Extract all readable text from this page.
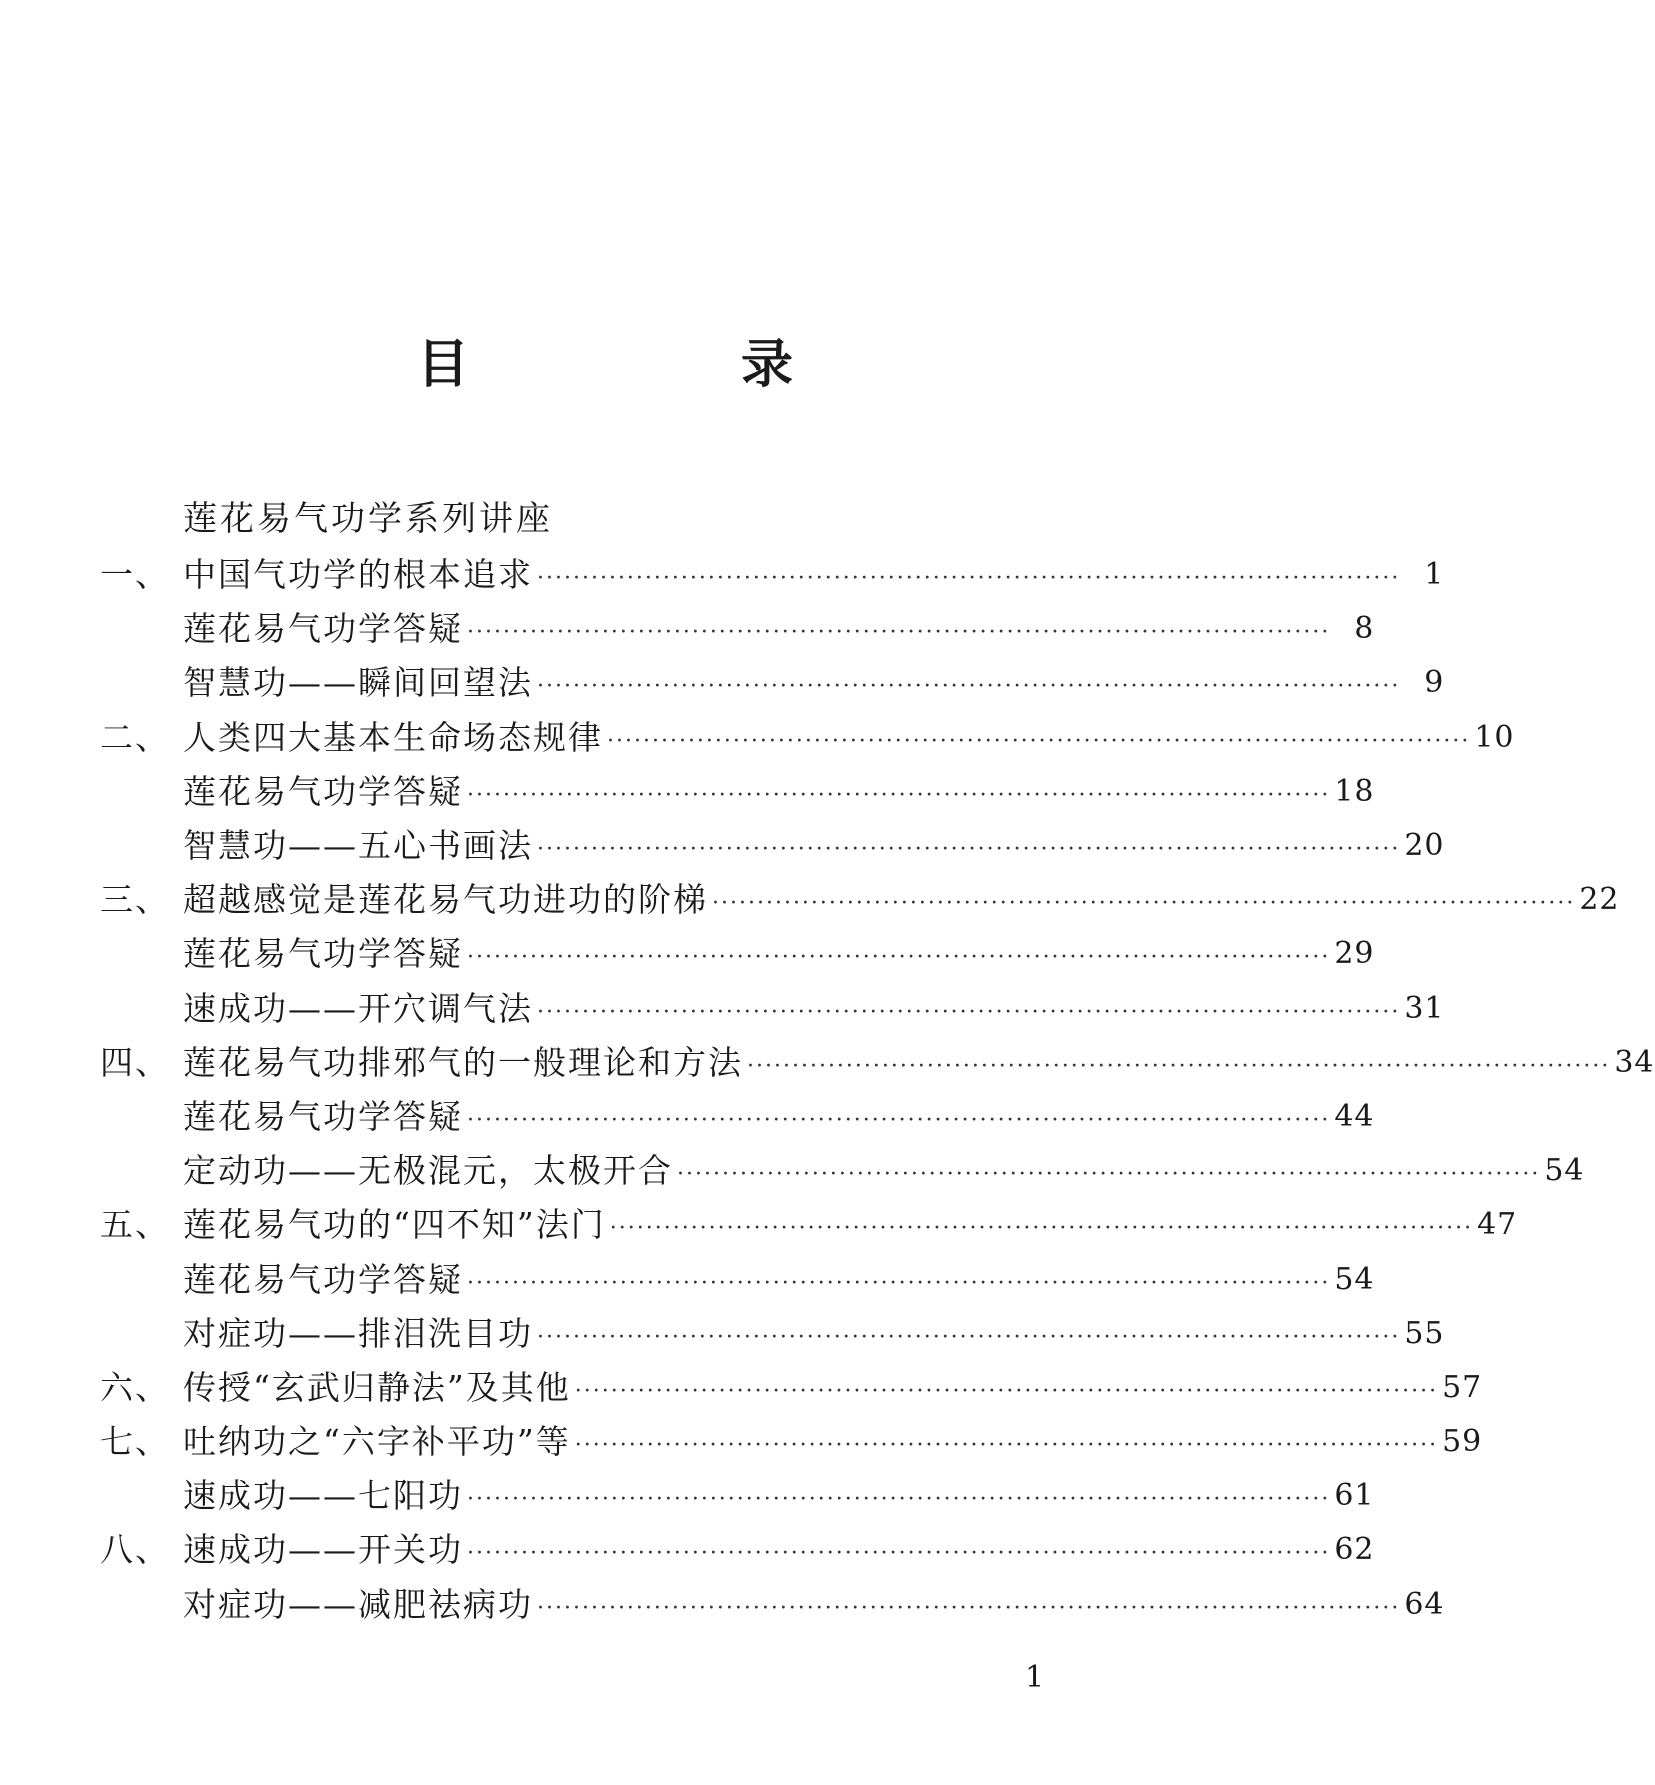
目　录
莲花易气功学系列讲座
一、 中国气功学的根本追求 ································································································ 1
莲花易气功学答疑 ································································································ 8
智慧功——瞬间回望法 ································································································ 9
二、 人类四大基本生命场态规律 ································································································ 10
莲花易气功学答疑 ································································································ 18
智慧功——五心书画法 ································································································ 20
三、 超越感觉是莲花易气功进功的阶梯 ································································································ 22
莲花易气功学答疑 ································································································ 29
速成功——开穴调气法 ································································································ 31
四、 莲花易气功排邪气的一般理论和方法 ································································································ 34
莲花易气功学答疑 ································································································ 44
定动功——无极混元，太极开合 ································································································ 54
五、 莲花易气功的“四不知”法门 ································································································ 47
莲花易气功学答疑 ································································································ 54
对症功——排泪洗目功 ································································································ 55
六、 传授“玄武归静法”及其他 ································································································ 57
七、 吐纳功之“六字补平功”等 ································································································ 59
速成功——七阳功 ································································································ 61
八、 速成功——开关功 ································································································ 62
对症功——减肥祛病功 ································································································ 64
1
